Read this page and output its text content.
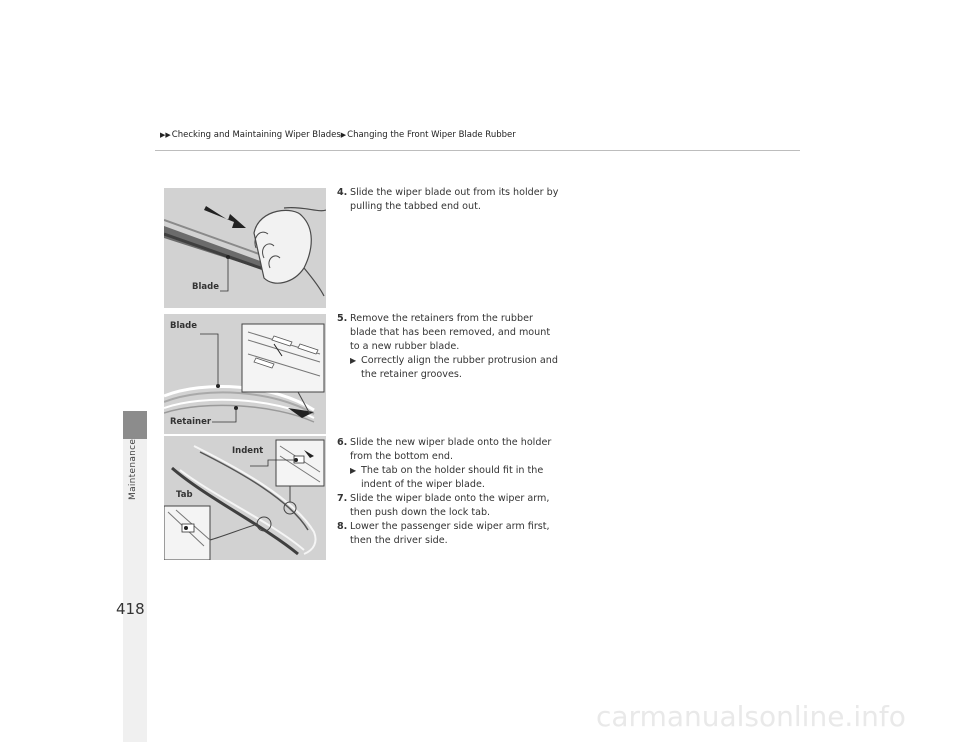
▶▶ Checking and Maintaining Wiper Blades ▶ Changing the Front Wiper Blade Rubber
Maintenance
Blade
Blade
Retainer
Indent
Tab
4. Slide the wiper blade out from its holder by pulling the tabbed end out.
5. Remove the retainers from the rubber blade that has been removed, and mount to a new rubber blade.
▶ Correctly align the rubber protrusion and the retainer grooves.
6. Slide the new wiper blade onto the holder from the bottom end.
▶ The tab on the holder should fit in the indent of the wiper blade.
7. Slide the wiper blade onto the wiper arm, then push down the lock tab.
8. Lower the passenger side wiper arm first, then the driver side.
418
carmanualsonline.info
